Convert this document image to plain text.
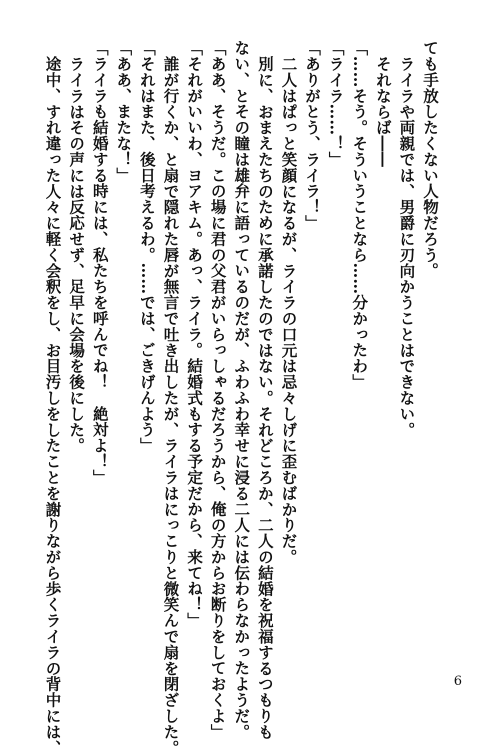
ても手放したくない人物だろう。

ライラや両親では、男爵に刃向かうことはできない。

それならば――

「……そう。そういうことなら……分かったわ」

「ライラ……！」

「ありがとう、ライラ！」

二人はぱっと笑顔になるが、ライラの口元は忌々しげに歪むばかりだ。

別に、おまえたちのために承諾したのではない。それどころか、二人の結婚を祝福するつもりも

ない、とその瞳は雄弁に語っているのだが、ふわふわ幸せに浸る二人には伝わらなかったようだ。

「ああ、そうだ。この場に君の父君がいらっしゃるだろうから、俺の方からお断りをしておくよ」

「それがいいわ、ヨアキム。あっ、ライラ。結婚式もする予定だから、来てね！」

誰が行くか、と扇で隠れた唇が無言で吐き出したが、ライラはにっこりと微笑んで扇を閉ざした。

「それはまた、後日考えるわ。……では、ごきげんよう」

「ああ、またな！」

「ライラも結婚する時には、私たちを呼んでね！　絶対よ！」

ライラはその声には反応せず、足早に会場を後にした。

途中、すれ違った人々に軽く会釈をし、お目汚しをしたことを謝りながら歩くライラの背中には、	6
